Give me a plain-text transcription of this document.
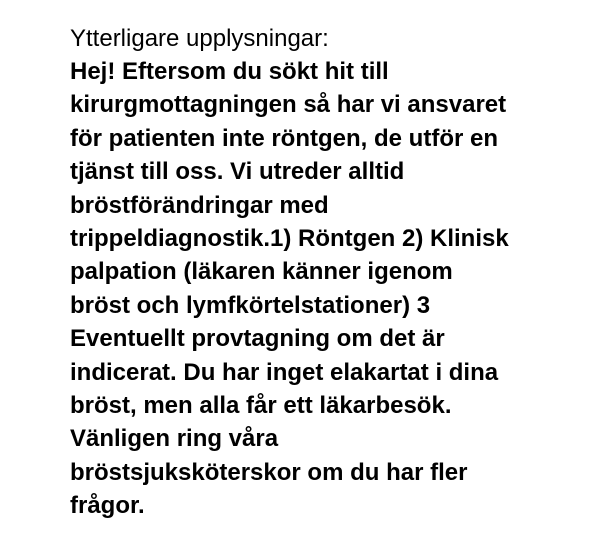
Ytterligare upplysningar:
Hej! Eftersom du sökt hit till
kirurgmottagningen så har vi ansvaret
för patienten inte röntgen, de utför en
tjänst till oss. Vi utreder alltid
bröstförändringar med
trippeldiagnostik.1) Röntgen 2) Klinisk
palpation (läkaren känner igenom
bröst och lymfkörtelstationer) 3
Eventuellt provtagning om det är
indicerat. Du har inget elakartat i dina
bröst, men alla får ett läkarbesök.
Vänligen ring våra
bröstsjuksköterskor om du har fler
frågor.
